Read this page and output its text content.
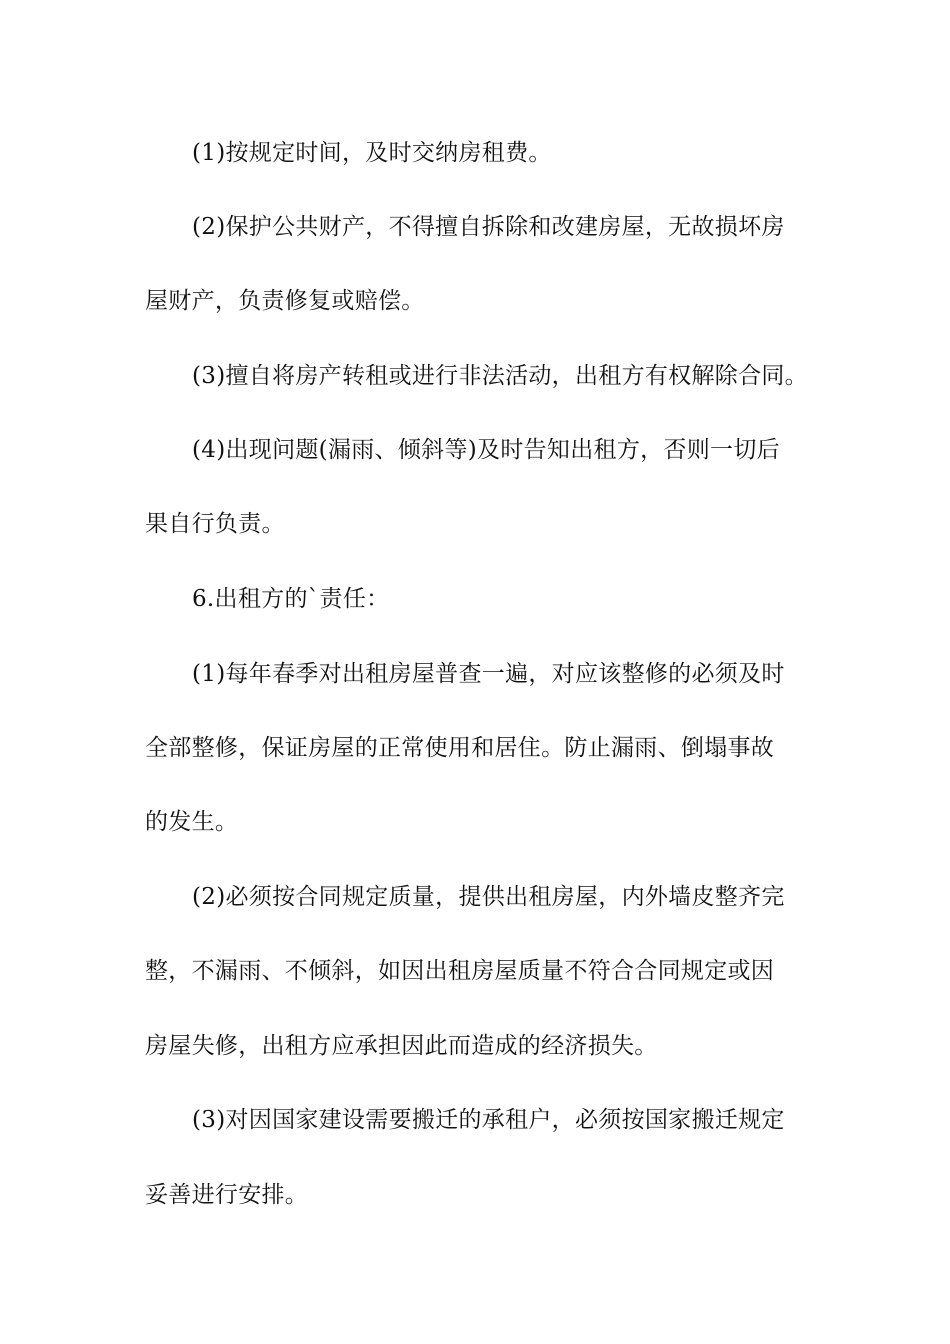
(1)按规定时间，及时交纳房租费。
(2)保护公共财产，不得擅自拆除和改建房屋，无故损坏房
屋财产，负责修复或赔偿。
(3)擅自将房产转租或进行非法活动，出租方有权解除合同。
(4)出现问题(漏雨、倾斜等)及时告知出租方，否则一切后
果自行负责。
6.出租方的`责任：
(1)每年春季对出租房屋普查一遍，对应该整修的必须及时
全部整修，保证房屋的正常使用和居住。防止漏雨、倒塌事故
的发生。
(2)必须按合同规定质量，提供出租房屋，内外墙皮整齐完
整，不漏雨、不倾斜，如因出租房屋质量不符合合同规定或因
房屋失修，出租方应承担因此而造成的经济损失。
(3)对因国家建设需要搬迁的承租户，必须按国家搬迁规定
妥善进行安排。
